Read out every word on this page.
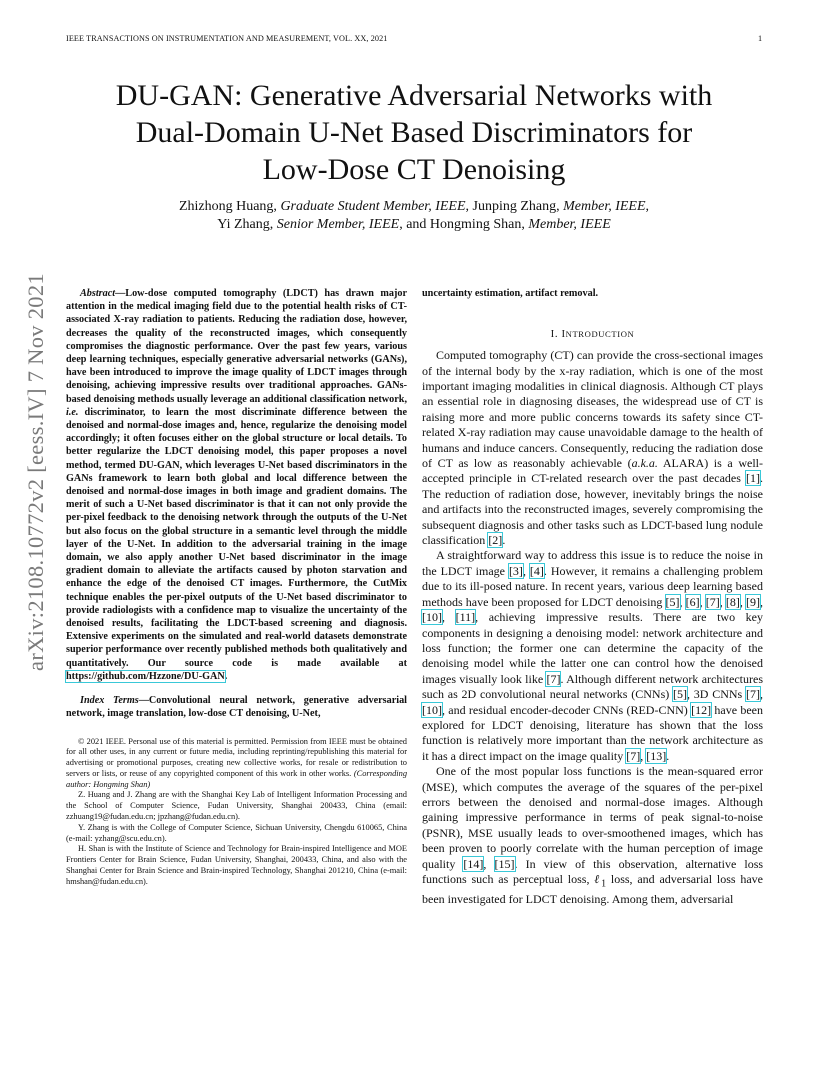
IEEE TRANSACTIONS ON INSTRUMENTATION AND MEASUREMENT, VOL. XX, 2021	1
DU-GAN: Generative Adversarial Networks with
Dual-Domain U-Net Based Discriminators for
Low-Dose CT Denoising
Zhizhong Huang, Graduate Student Member, IEEE, Junping Zhang, Member, IEEE,
Yi Zhang, Senior Member, IEEE, and Hongming Shan, Member, IEEE
arXiv:2108.10772v2 [eess.IV] 7 Nov 2021	Abstract—Low-dose computed tomography (LDCT) has drawn major attention in the medical imaging field due to the potential health risks of CT-associated X-ray radiation to patients. Reducing the radiation dose, however, decreases the quality of the reconstructed images, which consequently compromises the diagnostic performance. Over the past few years, various deep learning techniques, especially generative adversarial networks (GANs), have been introduced to improve the image quality of LDCT images through denoising, achieving impressive results over traditional approaches. GANs-based denoising methods usually leverage an additional classification network, i.e. discriminator, to learn the most discriminate difference between the denoised and normal-dose images and, hence, regularize the denoising model accordingly; it often focuses either on the global structure or local details. To better regularize the LDCT denoising model, this paper proposes a novel method, termed DU-GAN, which leverages U-Net based discriminators in the GANs framework to learn both global and local difference between the denoised and normal-dose images in both image and gradient domains. The merit of such a U-Net based discriminator is that it can not only provide the per-pixel feedback to the denoising network through the outputs of the U-Net but also focus on the global structure in a semantic level through the middle layer of the U-Net. In addition to the adversarial training in the image domain, we also apply another U-Net based discriminator in the image gradient domain to alleviate the artifacts caused by photon starvation and enhance the edge of the denoised CT images. Furthermore, the CutMix technique enables the per-pixel outputs of the U-Net based discriminator to provide radiologists with a confidence map to visualize the uncertainty of the denoised results, facilitating the LDCT-based screening and diagnosis. Extensive experiments on the simulated and real-world datasets demonstrate superior performance over recently published methods both qualitatively and quantitatively. Our source code is made available at https://github.com/Hzzone/DU-GAN.

Index Terms—Convolutional neural network, generative adversarial network, image translation, low-dose CT denoising, U-Net,

© 2021 IEEE. Personal use of this material is permitted. Permission from IEEE must be obtained for all other uses, in any current or future media, including reprinting/republishing this material for advertising or promotional purposes, creating new collective works, for resale or redistribution to servers or lists, or reuse of any copyrighted component of this work in other works. (Corresponding author: Hongming Shan)

Z. Huang and J. Zhang are with the Shanghai Key Lab of Intelligent Information Processing and the School of Computer Science, Fudan University, Shanghai 200433, China (email: zzhuang19@fudan.edu.cn; jpzhang@fudan.edu.cn).

Y. Zhang is with the College of Computer Science, Sichuan University, Chengdu 610065, China (e-mail: yzhang@scu.edu.cn).

H. Shan is with the Institute of Science and Technology for Brain-inspired Intelligence and MOE Frontiers Center for Brain Science, Fudan University, Shanghai, 200433, China, and also with the Shanghai Center for Brain Science and Brain-inspired Technology, Shanghai 201210, China (e-mail: hmshan@fudan.edu.cn).

uncertainty estimation, artifact removal.

I. INTRODUCTION

Computed tomography (CT) can provide the cross-sectional images of the internal body by the x-ray radiation, which is one of the most important imaging modalities in clinical diagnosis. Although CT plays an essential role in diagnosing diseases, the widespread use of CT is raising more and more public concerns towards its safety since CT-related X-ray radiation may cause unavoidable damage to the health of humans and induce cancers. Consequently, reducing the radiation dose of CT as low as reasonably achievable (a.k.a. ALARA) is a well-accepted principle in CT-related research over the past decades [1]. The reduction of radiation dose, however, inevitably brings the noise and artifacts into the reconstructed images, severely compromising the subsequent diagnosis and other tasks such as LDCT-based lung nodule classification [2].

A straightforward way to address this issue is to reduce the noise in the LDCT image [3], [4]. However, it remains a challenging problem due to its ill-posed nature. In recent years, various deep learning based methods have been proposed for LDCT denoising [5], [6], [7], [8], [9], [10], [11], achieving impressive results. There are two key components in designing a denoising model: network architecture and loss function; the former one can determine the capacity of the denoising model while the latter one can control how the denoised images visually look like [7]. Although different network architectures such as 2D convolutional neural networks (CNNs) [5], 3D CNNs [7], [10], and residual encoder-decoder CNNs (RED-CNN) [12] have been explored for LDCT denoising, literature has shown that the loss function is relatively more important than the network architecture as it has a direct impact on the image quality [7], [13].

One of the most popular loss functions is the mean-squared error (MSE), which computes the average of the squares of the per-pixel errors between the denoised and normal-dose images. Although gaining impressive performance in terms of peak signal-to-noise (PSNR), MSE usually leads to over-smoothened images, which has been proven to poorly correlate with the human perception of image quality [14], [15]. In view of this observation, alternative loss functions such as perceptual loss, ℓ$_1$ loss, and adversarial loss have been investigated for LDCT denoising. Among them, adversarial
